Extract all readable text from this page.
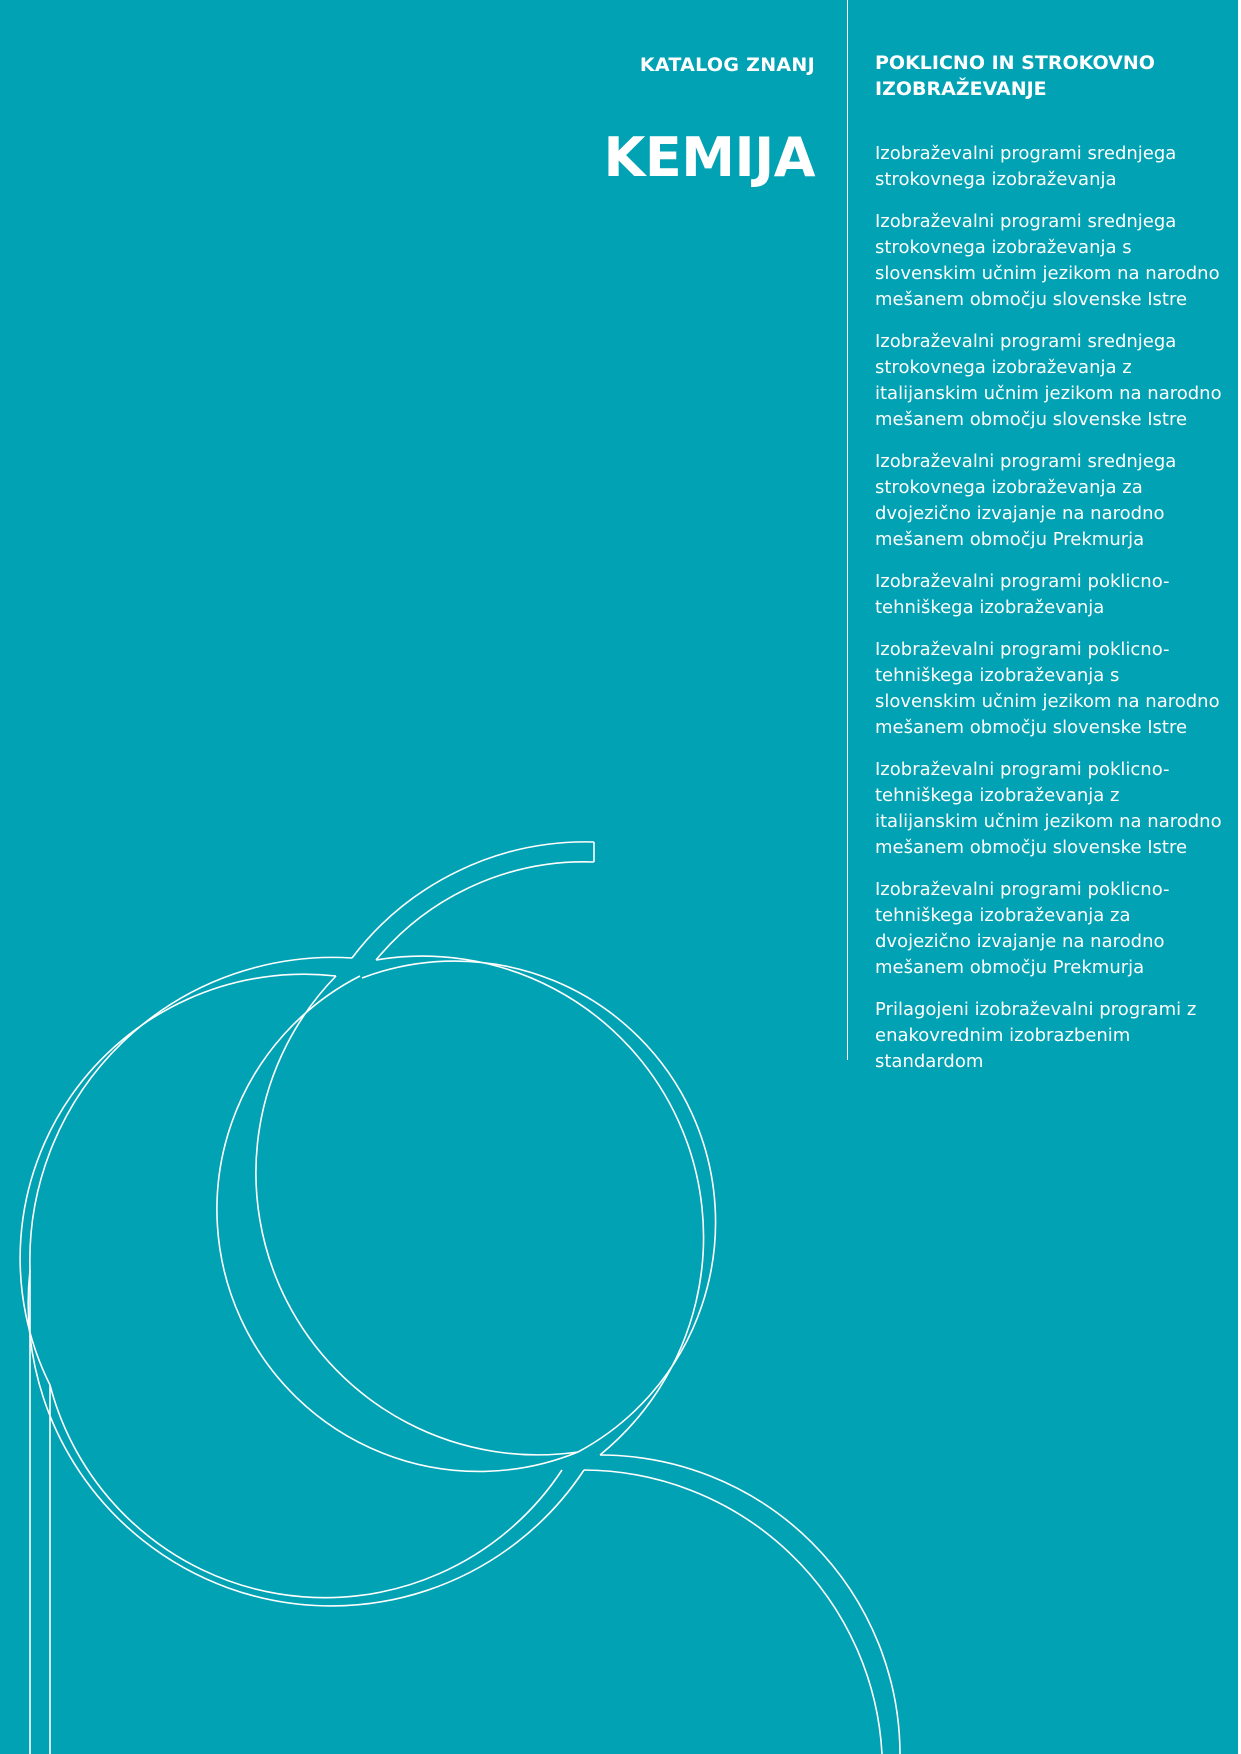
KATALOG ZNANJ
KEMIJA
POKLICNO IN STROKOVNO
IZOBRAŽEVANJE
Izobraževalni programi srednjega strokovnega izobraževanja
Izobraževalni programi srednjega strokovnega izobraževanja s slovenskim učnim jezikom na narodno mešanem območju slovenske Istre
Izobraževalni programi srednjega strokovnega izobraževanja z italijanskim učnim jezikom na narodno mešanem območju slovenske Istre
Izobraževalni programi srednjega strokovnega izobraževanja za dvojezično izvajanje na narodno mešanem območju Prekmurja
Izobraževalni programi poklicno-tehniškega izobraževanja
Izobraževalni programi poklicno-tehniškega izobraževanja s slovenskim učnim jezikom na narodno mešanem območju slovenske Istre
Izobraževalni programi poklicno-tehniškega izobraževanja z italijanskim učnim jezikom na narodno mešanem območju slovenske Istre
Izobraževalni programi poklicno-tehniškega izobraževanja za dvojezično izvajanje na narodno mešanem območju Prekmurja
Prilagojeni izobraževalni programi z enakovrednim izobrazbenim standardom
